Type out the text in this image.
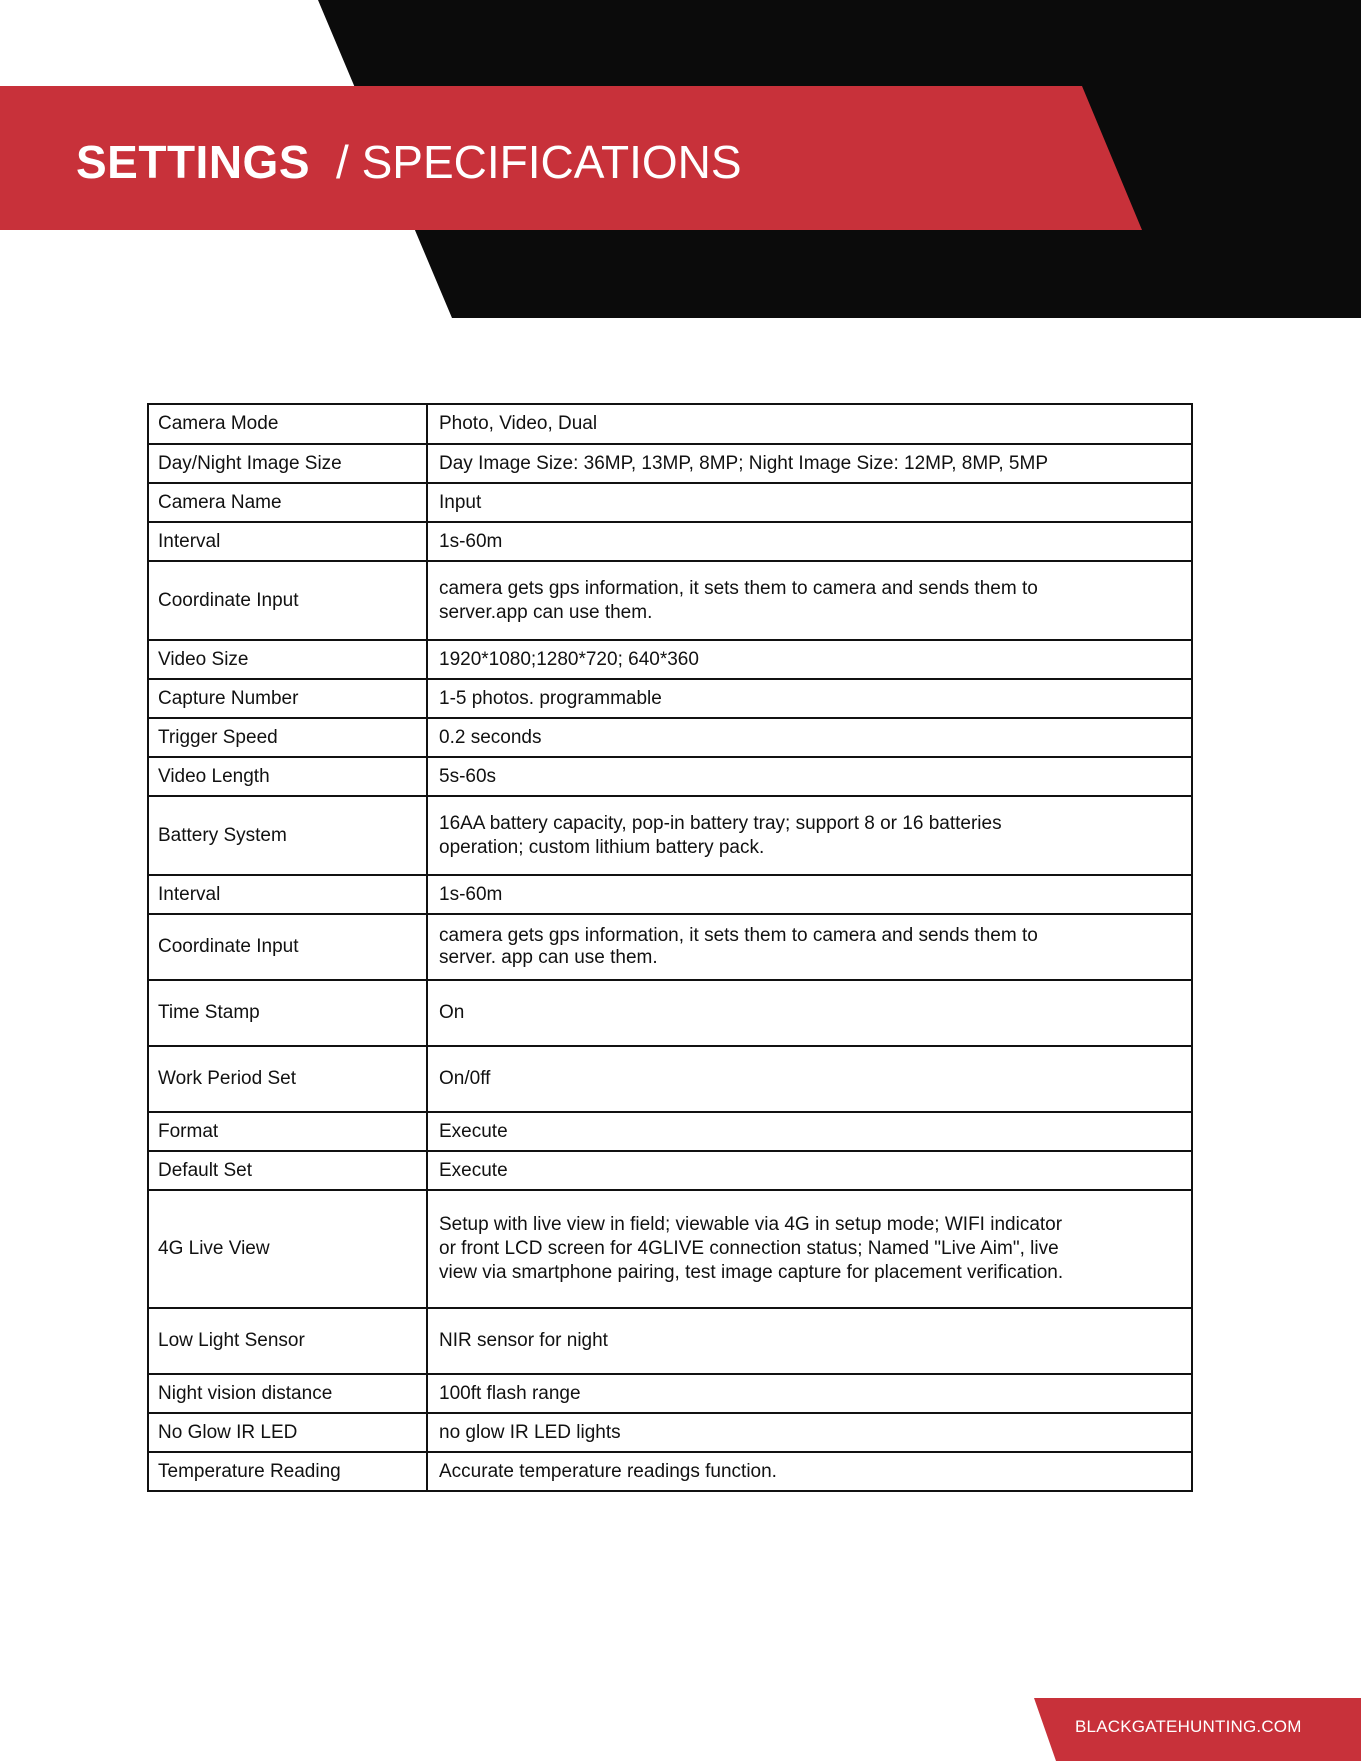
SETTINGS / SPECIFICATIONS
Camera Mode	Photo, Video, Dual

Day/Night Image Size	Day Image Size: 36MP, 13MP, 8MP; Night Image Size: 12MP, 8MP, 5MP

Camera Name	Input

Interval	1s-60m

Coordinate Input	camera gets gps information, it sets them to camera and sends them to server.app can use them.

Video Size	1920*1080;1280*720; 640*360

Capture Number	1-5 photos. programmable

Trigger Speed	0.2 seconds

Video Length	5s-60s

Battery System	16AA battery capacity, pop-in battery tray; support 8 or 16 batteries operation; custom lithium battery pack.

Interval	1s-60m

Coordinate Input	camera gets gps information, it sets them to camera and sends them to server. app can use them.

Time Stamp	On

Work Period Set	On/0ff

Format	Execute

Default Set	Execute

4G Live View	Setup with live view in field; viewable via 4G in setup mode; WIFI indicator or front LCD screen for 4GLIVE connection status; Named "Live Aim", live view via smartphone pairing, test image capture for placement verification.

Low Light Sensor	NIR sensor for night

Night vision distance	100ft flash range

No Glow IR LED	no glow IR LED lights

Temperature Reading	Accurate temperature readings function.
BLACKGATEHUNTING.COM
